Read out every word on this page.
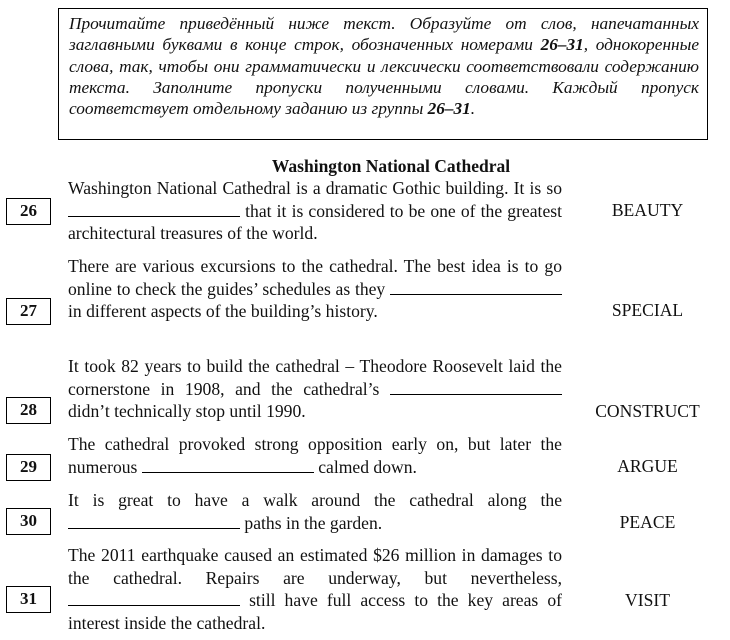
Прочитайте приведённый ниже текст. Образуйте от слов, напечатанных заглавными буквами в конце строк, обозначенных номерами 26–31, однокоренные слова, так, чтобы они грамматически и лексически соответствовали содержанию текста. Заполните пропуски полученными словами. Каждый пропуск соответствует отдельному заданию из группы 26–31.
Washington National Cathedral
26
Washington National Cathedral is a dramatic Gothic building. It is so  that it is considered to be one of the greatest architectural treasures of the world.
BEAUTY
27
There are various excursions to the cathedral. The best idea is to go online to check the guides’ schedules as they  in different aspects of the building’s history.	SPECIAL
28
It took 82 years to build the cathedral – Theodore Roosevelt laid the cornerstone in 1908, and the cathedral’s  didn’t technically stop until 1990.	CONSTRUCT
29
The cathedral provoked strong opposition early on, but later the numerous	calmed down.	ARGUE
30
It is great to have a walk around the cathedral along the  paths in the garden.	PEACE
31
The 2011 earthquake caused an estimated $26 million in damages to the cathedral. Repairs are underway, but nevertheless,  still have full access to the key areas of interest inside the cathedral.
VISIT
